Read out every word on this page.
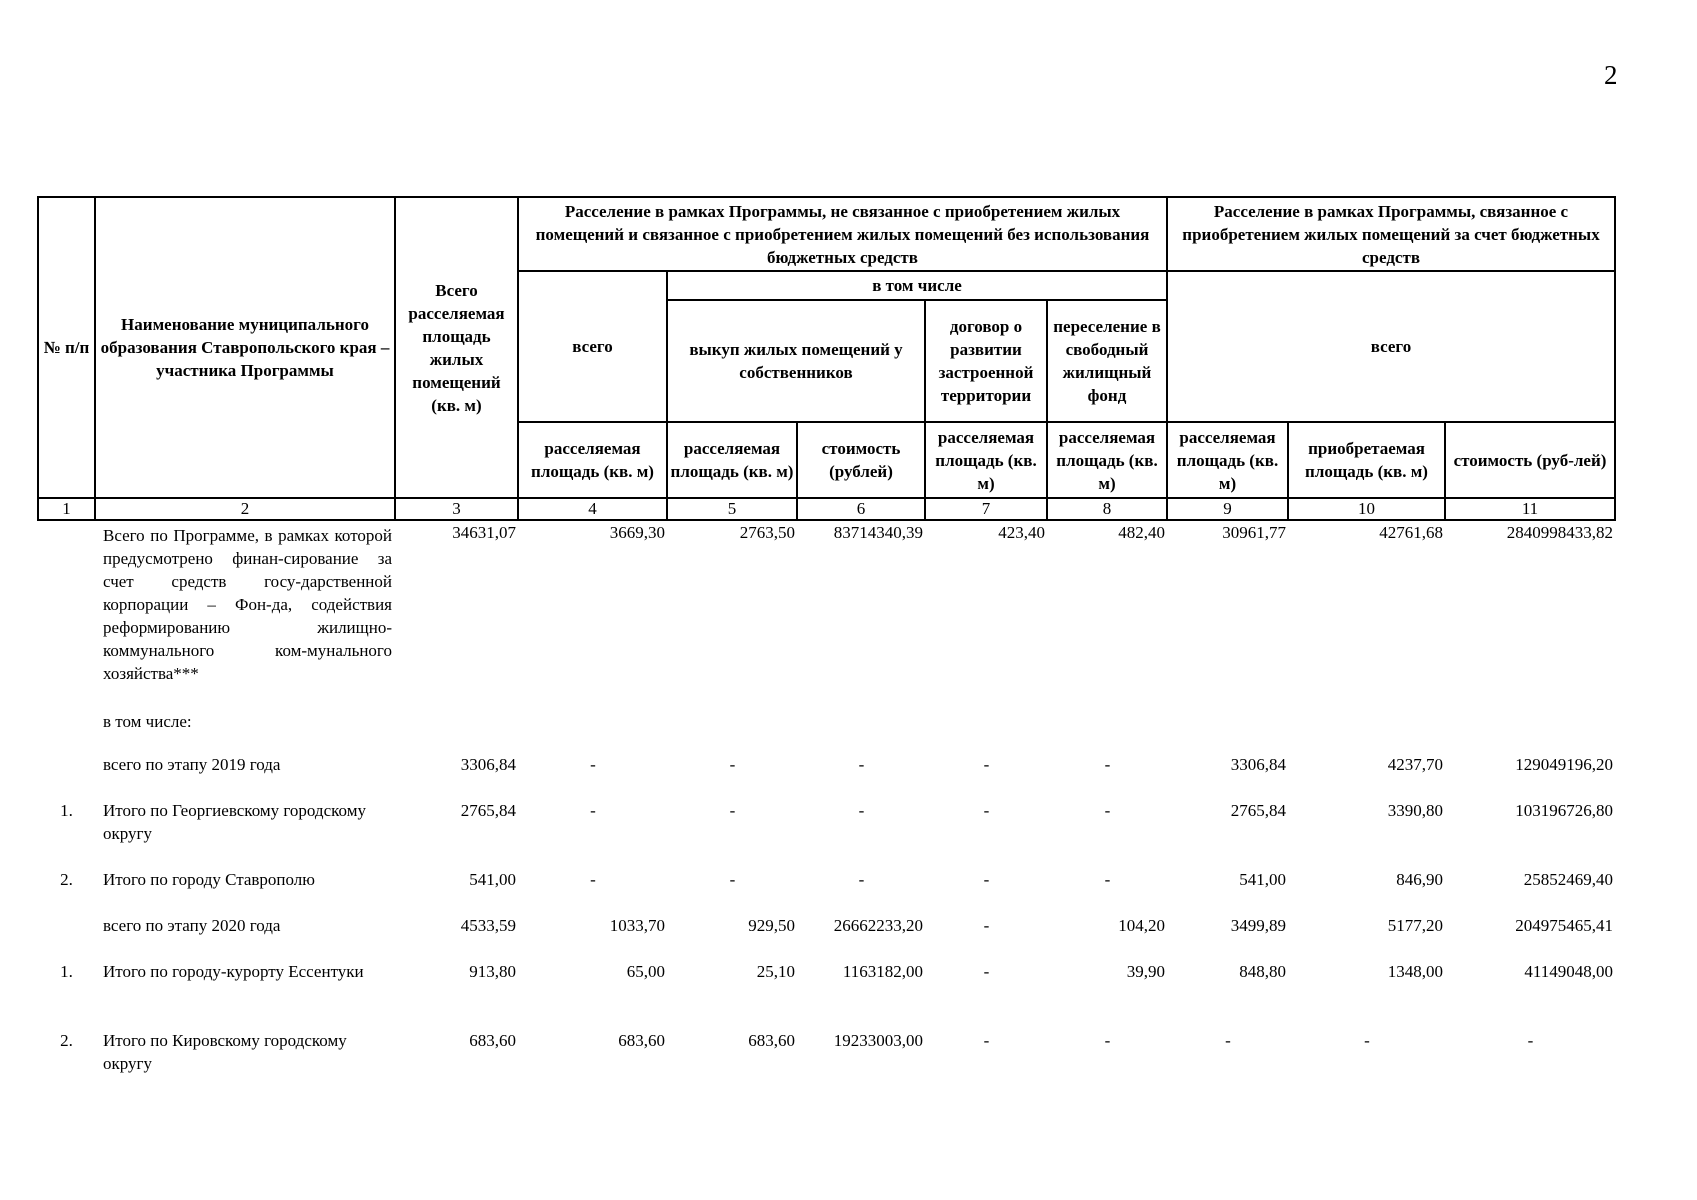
2
№ п/п	Наименование муниципального образования Ставропольского края – участника Программы	Всего расселяемая площадь жилых помещений (кв. м)	Расселение в рамках Программы, не связанное с приобретением жилых помещений и связанное с приобретением жилых помещений без использования бюджетных средств					Расселение в рамках Программы, связанное с приобретением жилых помещений за счет бюджетных средств		
			всего	в том числе				всего		
				выкуп жилых помещений у собственников		договор о развитии застроенной территории	переселение в свободный жилищный фонд			
			расселяемая площадь (кв. м)	расселяемая площадь (кв. м)	стоимость (рублей)	расселяемая площадь (кв. м)	расселяемая площадь (кв. м)	расселяемая площадь (кв. м)	приобретаемая площадь (кв. м)	стоимость (руб-лей)
1	2	3	4	5	6	7	8	9	10	11
	Всего по Программе, в рамках которой предусмотрено финан-сирование за счет средств госу-дарственной корпорации – Фон-да, содействия реформированию жилищно-коммунального ком-мунального хозяйства***	34631,07	3669,30	2763,50	83714340,39	423,40	482,40	30961,77	42761,68	2840998433,82
	в том числе:									
	всего по этапу 2019 года	3306,84	-	-	-	-	-	3306,84	4237,70	129049196,20
1.	Итого по Георгиевскому городскому округу	2765,84	-	-	-	-	-	2765,84	3390,80	103196726,80
2.	Итого по городу Ставрополю	541,00	-	-	-	-	-	541,00	846,90	25852469,40
	всего по этапу 2020 года	4533,59	1033,70	929,50	26662233,20	-	104,20	3499,89	5177,20	204975465,41
1.	Итого по городу-курорту Ессентуки	913,80	65,00	25,10	1163182,00	-	39,90	848,80	1348,00	41149048,00
2.	Итого по Кировскому городскому округу	683,60	683,60	683,60	19233003,00	-	-	-	-	-
